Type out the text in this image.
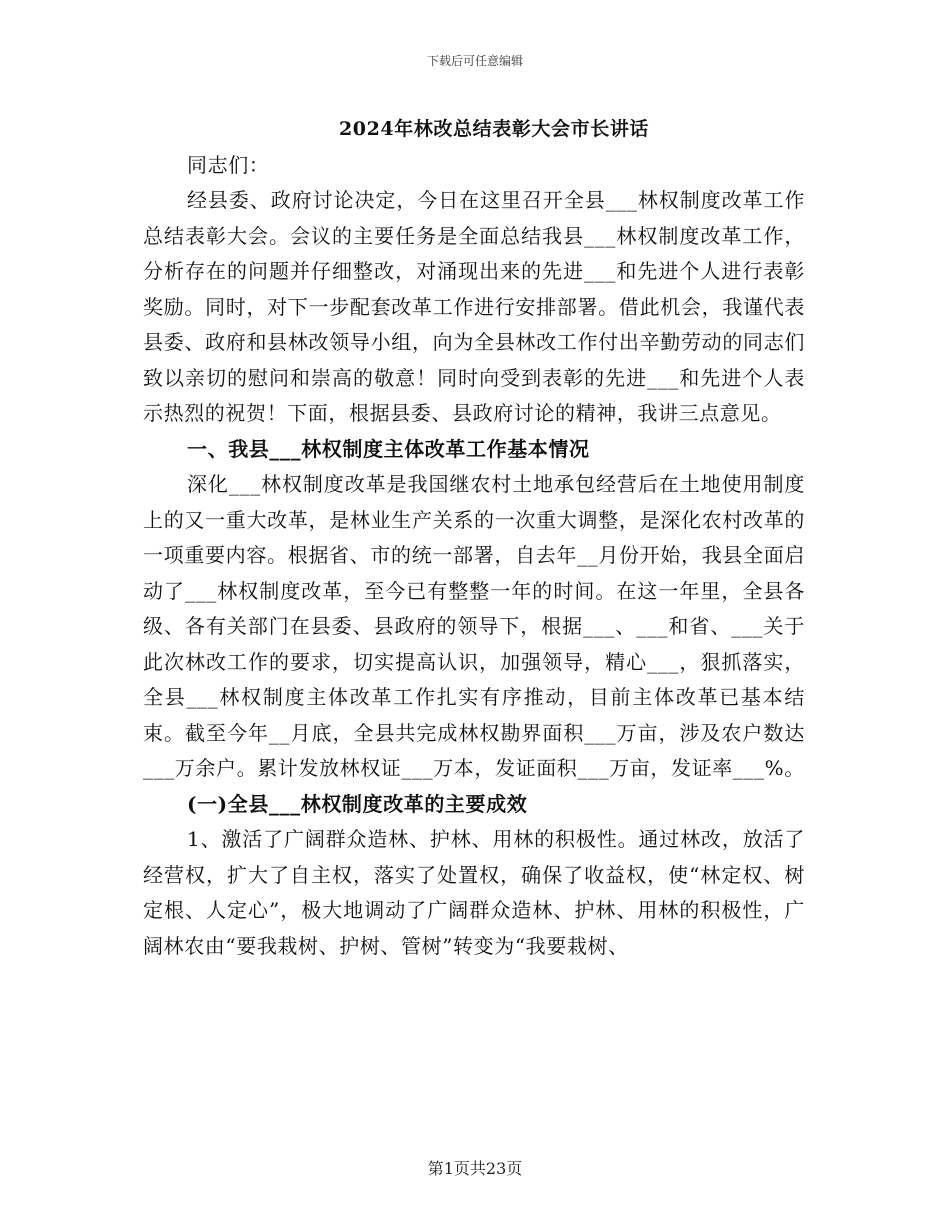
下载后可任意编辑

2024年林改总结表彰大会市长讲话

同志们：

经县委、政府讨论决定，今日在这里召开全县___林权制度改革工作总结表彰大会。会议的主要任务是全面总结我县___林权制度改革工作，分析存在的问题并仔细整改，对涌现出来的先进___和先进个人进行表彰奖励。同时，对下一步配套改革工作进行安排部署。借此机会，我谨代表县委、政府和县林改领导小组，向为全县林改工作付出辛勤劳动的同志们致以亲切的慰问和崇高的敬意！同时向受到表彰的先进___和先进个人表示热烈的祝贺！下面，根据县委、县政府讨论的精神，我讲三点意见。

一、我县___林权制度主体改革工作基本情况

深化___林权制度改革是我国继农村土地承包经营后在土地使用制度上的又一重大改革，是林业生产关系的一次重大调整，是深化农村改革的一项重要内容。根据省、市的统一部署，自去年__月份开始，我县全面启动了___林权制度改革，至今已有整整一年的时间。在这一年里，全县各级、各有关部门在县委、县政府的领导下，根据___、___和省、___关于此次林改工作的要求，切实提高认识，加强领导，精心___，狠抓落实，全县___林权制度主体改革工作扎实有序推动，目前主体改革已基本结束。截至今年__月底，全县共完成林权勘界面积___万亩，涉及农户数达___万余户。累计发放林权证___万本，发证面积___万亩，发证率___%。

(一)全县___林权制度改革的主要成效

1、激活了广阔群众造林、护林、用林的积极性。通过林改，放活了经营权，扩大了自主权，落实了处置权，确保了收益权，使“林定权、树定根、人定心”，极大地调动了广阔群众造林、护林、用林的积极性，广阔林农由“要我栽树、护树、管树”转变为“我要栽树、

第1页共23页
